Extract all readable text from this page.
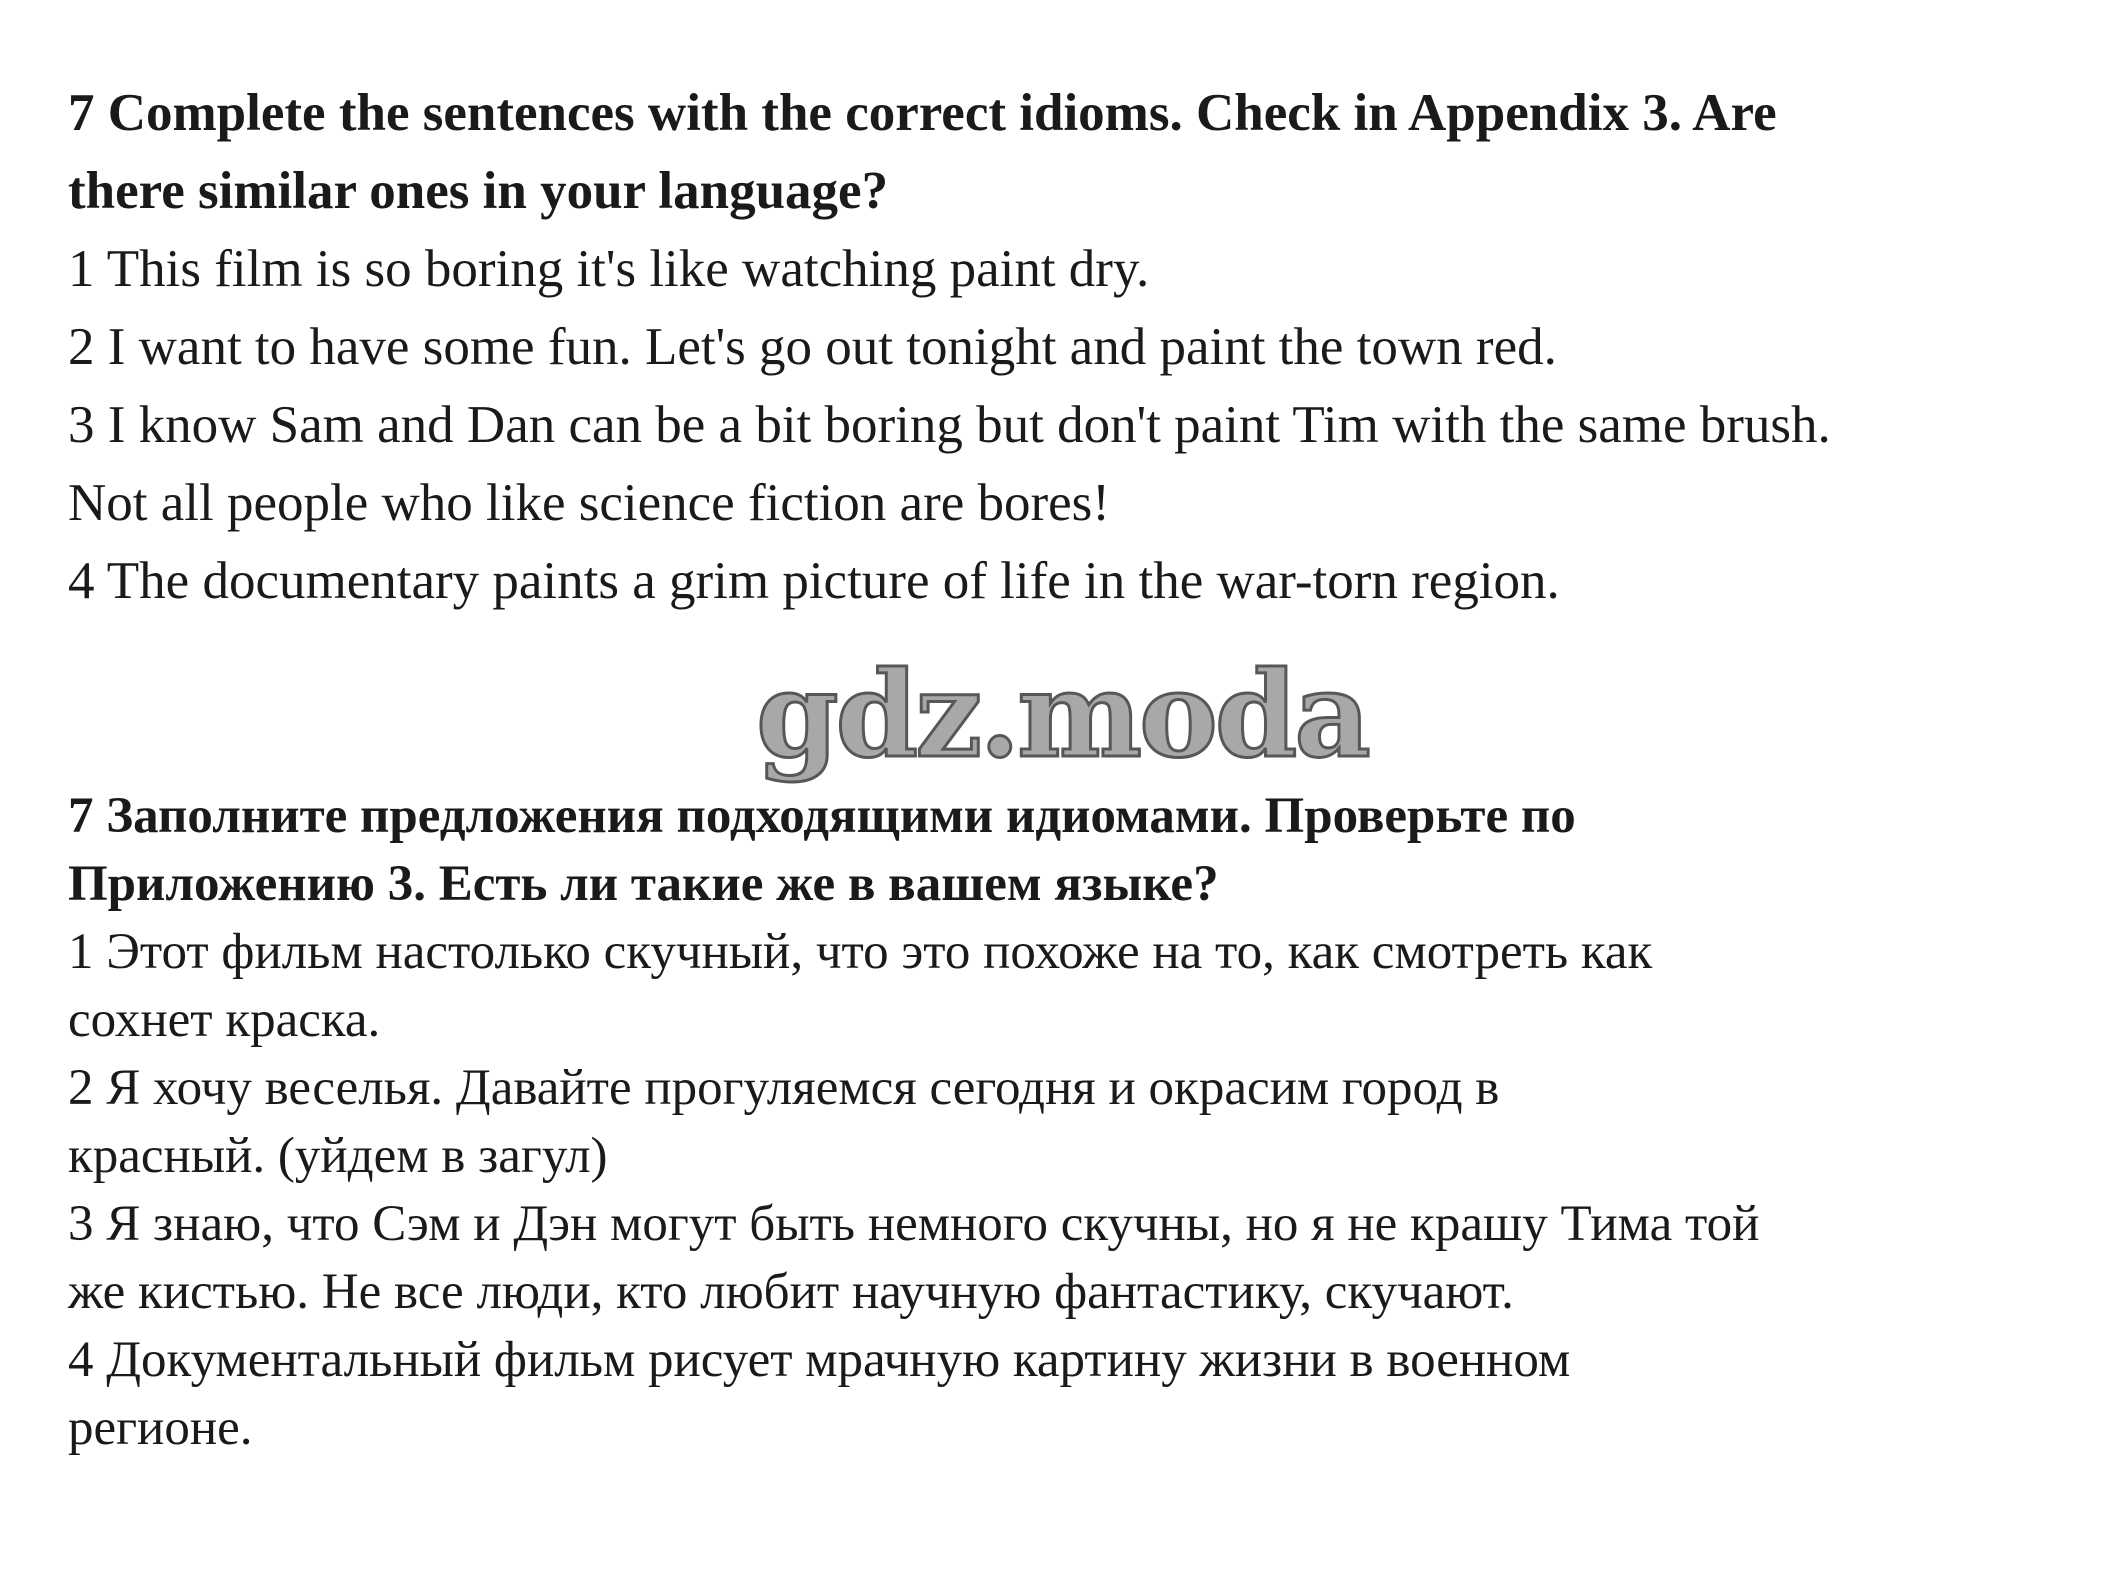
7 Complete the sentences with the correct idioms. Check in Appendix 3. Are

there similar ones in your language?

1 This film is so boring it's like watching paint dry.

2 I want to have some fun. Let's go out tonight and paint the town red.

3 I know Sam and Dan can be a bit boring but don't paint Tim with the same brush.

Not all people who like science fiction are bores!

4 The documentary paints a grim picture of life in the war-torn region.

gdz.moda

7 Заполните предложения подходящими идиомами. Проверьте по

Приложению 3. Есть ли такие же в вашем языке?

1 Этот фильм настолько скучный, что это похоже на то, как смотреть как

сохнет краска.

2 Я хочу веселья. Давайте прогуляемся сегодня и окрасим город в

красный. (уйдем в загул)

3 Я знаю, что Сэм и Дэн могут быть немного скучны, но я не крашу Тима той

же кистью. Не все люди, кто любит научную фантастику, скучают.

4 Документальный фильм рисует мрачную картину жизни в военном

регионе.
